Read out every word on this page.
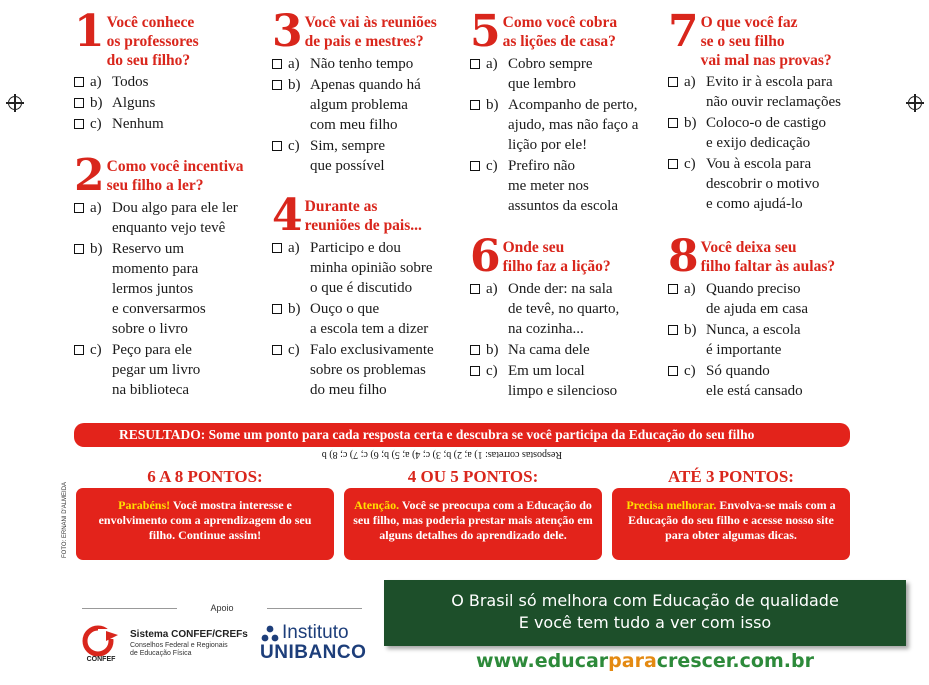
1 Você conhece
os professores
do seu filho?
a) Todos
b) Alguns
c) Nenhum
2 Como você incentiva
seu filho a ler?
a) Dou algo para ele ler
enquanto vejo tevê
b) Reservo um
momento para
lermos juntos
e conversarmos
sobre o livro
c) Peço para ele
pegar um livro
na biblioteca
3 Você vai às reuniões
de pais e mestres?
a) Não tenho tempo
b) Apenas quando há
algum problema
com meu filho
c) Sim, sempre
que possível
4 Durante as
reuniões de pais...
a) Participo e dou
minha opinião sobre
o que é discutido
b) Ouço o que
a escola tem a dizer
c) Falo exclusivamente
sobre os problemas
do meu filho
5 Como você cobra
as lições de casa?
a) Cobro sempre
que lembro
b) Acompanho de perto,
ajudo, mas não faço a
lição por ele!
c) Prefiro não
me meter nos
assuntos da escola
6 Onde seu
filho faz a lição?
a) Onde der: na sala
de tevê, no quarto,
na cozinha...
b) Na cama dele
c) Em um local
limpo e silencioso
7 O que você faz
se o seu filho
vai mal nas provas?
a) Evito ir à escola para
não ouvir reclamações
b) Coloco-o de castigo
e exijo dedicação
c) Vou à escola para
descobrir o motivo
e como ajudá-lo
8 Você deixa seu
filho faltar às aulas?
a) Quando preciso
de ajuda em casa
b) Nunca, a escola
é importante
c) Só quando
ele está cansado
RESULTADO: Some um ponto para cada resposta certa e descubra se você participa da Educação do seu filho
Respostas corretas: 1) a; 2) b; 3) c; 4) a; 5) b; 6) c; 7) c; 8) b
FOTO: ERNANI D'ALMEIDA
6 A 8 PONTOS:
Parabéns! Você mostra interesse e envolvimento com a aprendizagem do seu filho. Continue assim!
4 OU 5 PONTOS:
Atenção. Você se preocupa com a Educação do seu filho, mas poderia prestar mais atenção em alguns detalhes do aprendizado dele.
ATÉ 3 PONTOS:
Precisa melhorar. Envolva-se mais com a Educação do seu filho e acesse nosso site para obter algumas dicas.
Apoio
CONFEF
Sistema CONFEF/CREFs
Conselhos Federal e Regionais
de Educação Física
Instituto
UNIBANCO
O Brasil só melhora com Educação de qualidade
E você tem tudo a ver com isso
www.educarparacrescer.com.br
